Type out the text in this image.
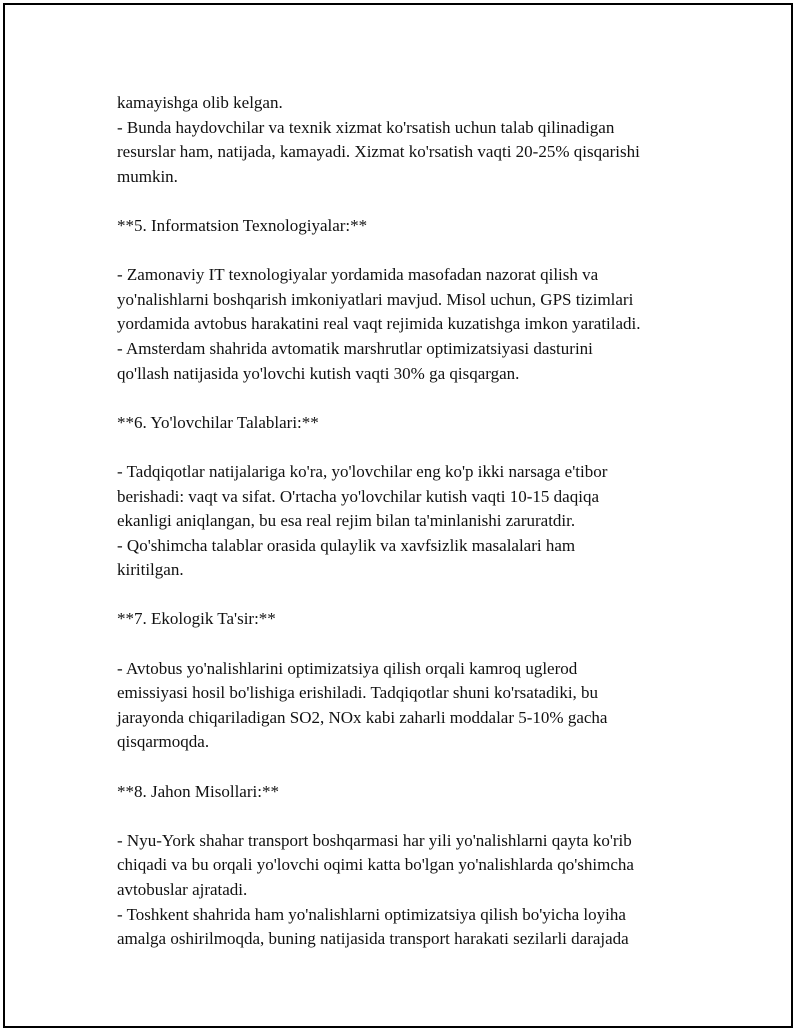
kamayishga olib kelgan.
- Bunda haydovchilar va texnik xizmat ko'rsatish uchun talab qilinadigan
resurslar ham, natijada, kamayadi. Xizmat ko'rsatish vaqti 20-25% qisqarishi
mumkin.
**5. Informatsion Texnologiyalar:**
- Zamonaviy IT texnologiyalar yordamida masofadan nazorat qilish va
yo'nalishlarni boshqarish imkoniyatlari mavjud. Misol uchun, GPS tizimlari
yordamida avtobus harakatini real vaqt rejimida kuzatishga imkon yaratiladi.
- Amsterdam shahrida avtomatik marshrutlar optimizatsiyasi dasturini
qo'llash natijasida yo'lovchi kutish vaqti 30% ga qisqargan.
**6. Yo'lovchilar Talablari:**
- Tadqiqotlar natijalariga ko'ra, yo'lovchilar eng ko'p ikki narsaga e'tibor
berishadi: vaqt va sifat. O'rtacha yo'lovchilar kutish vaqti 10-15 daqiqa
ekanligi aniqlangan, bu esa real rejim bilan ta'minlanishi zaruratdir.
- Qo'shimcha talablar orasida qulaylik va xavfsizlik masalalari ham
kiritilgan.
**7. Ekologik Ta'sir:**
- Avtobus yo'nalishlarini optimizatsiya qilish orqali kamroq uglerod
emissiyasi hosil bo'lishiga erishiladi. Tadqiqotlar shuni ko'rsatadiki, bu
jarayonda chiqariladigan SO2, NOx kabi zaharli moddalar 5-10% gacha
qisqarmoqda.
**8. Jahon Misollari:**
- Nyu-York shahar transport boshqarmasi har yili yo'nalishlarni qayta ko'rib
chiqadi va bu orqali yo'lovchi oqimi katta bo'lgan yo'nalishlarda qo'shimcha
avtobuslar ajratadi.
- Toshkent shahrida ham yo'nalishlarni optimizatsiya qilish bo'yicha loyiha
amalga oshirilmoqda, buning natijasida transport harakati sezilarli darajada
